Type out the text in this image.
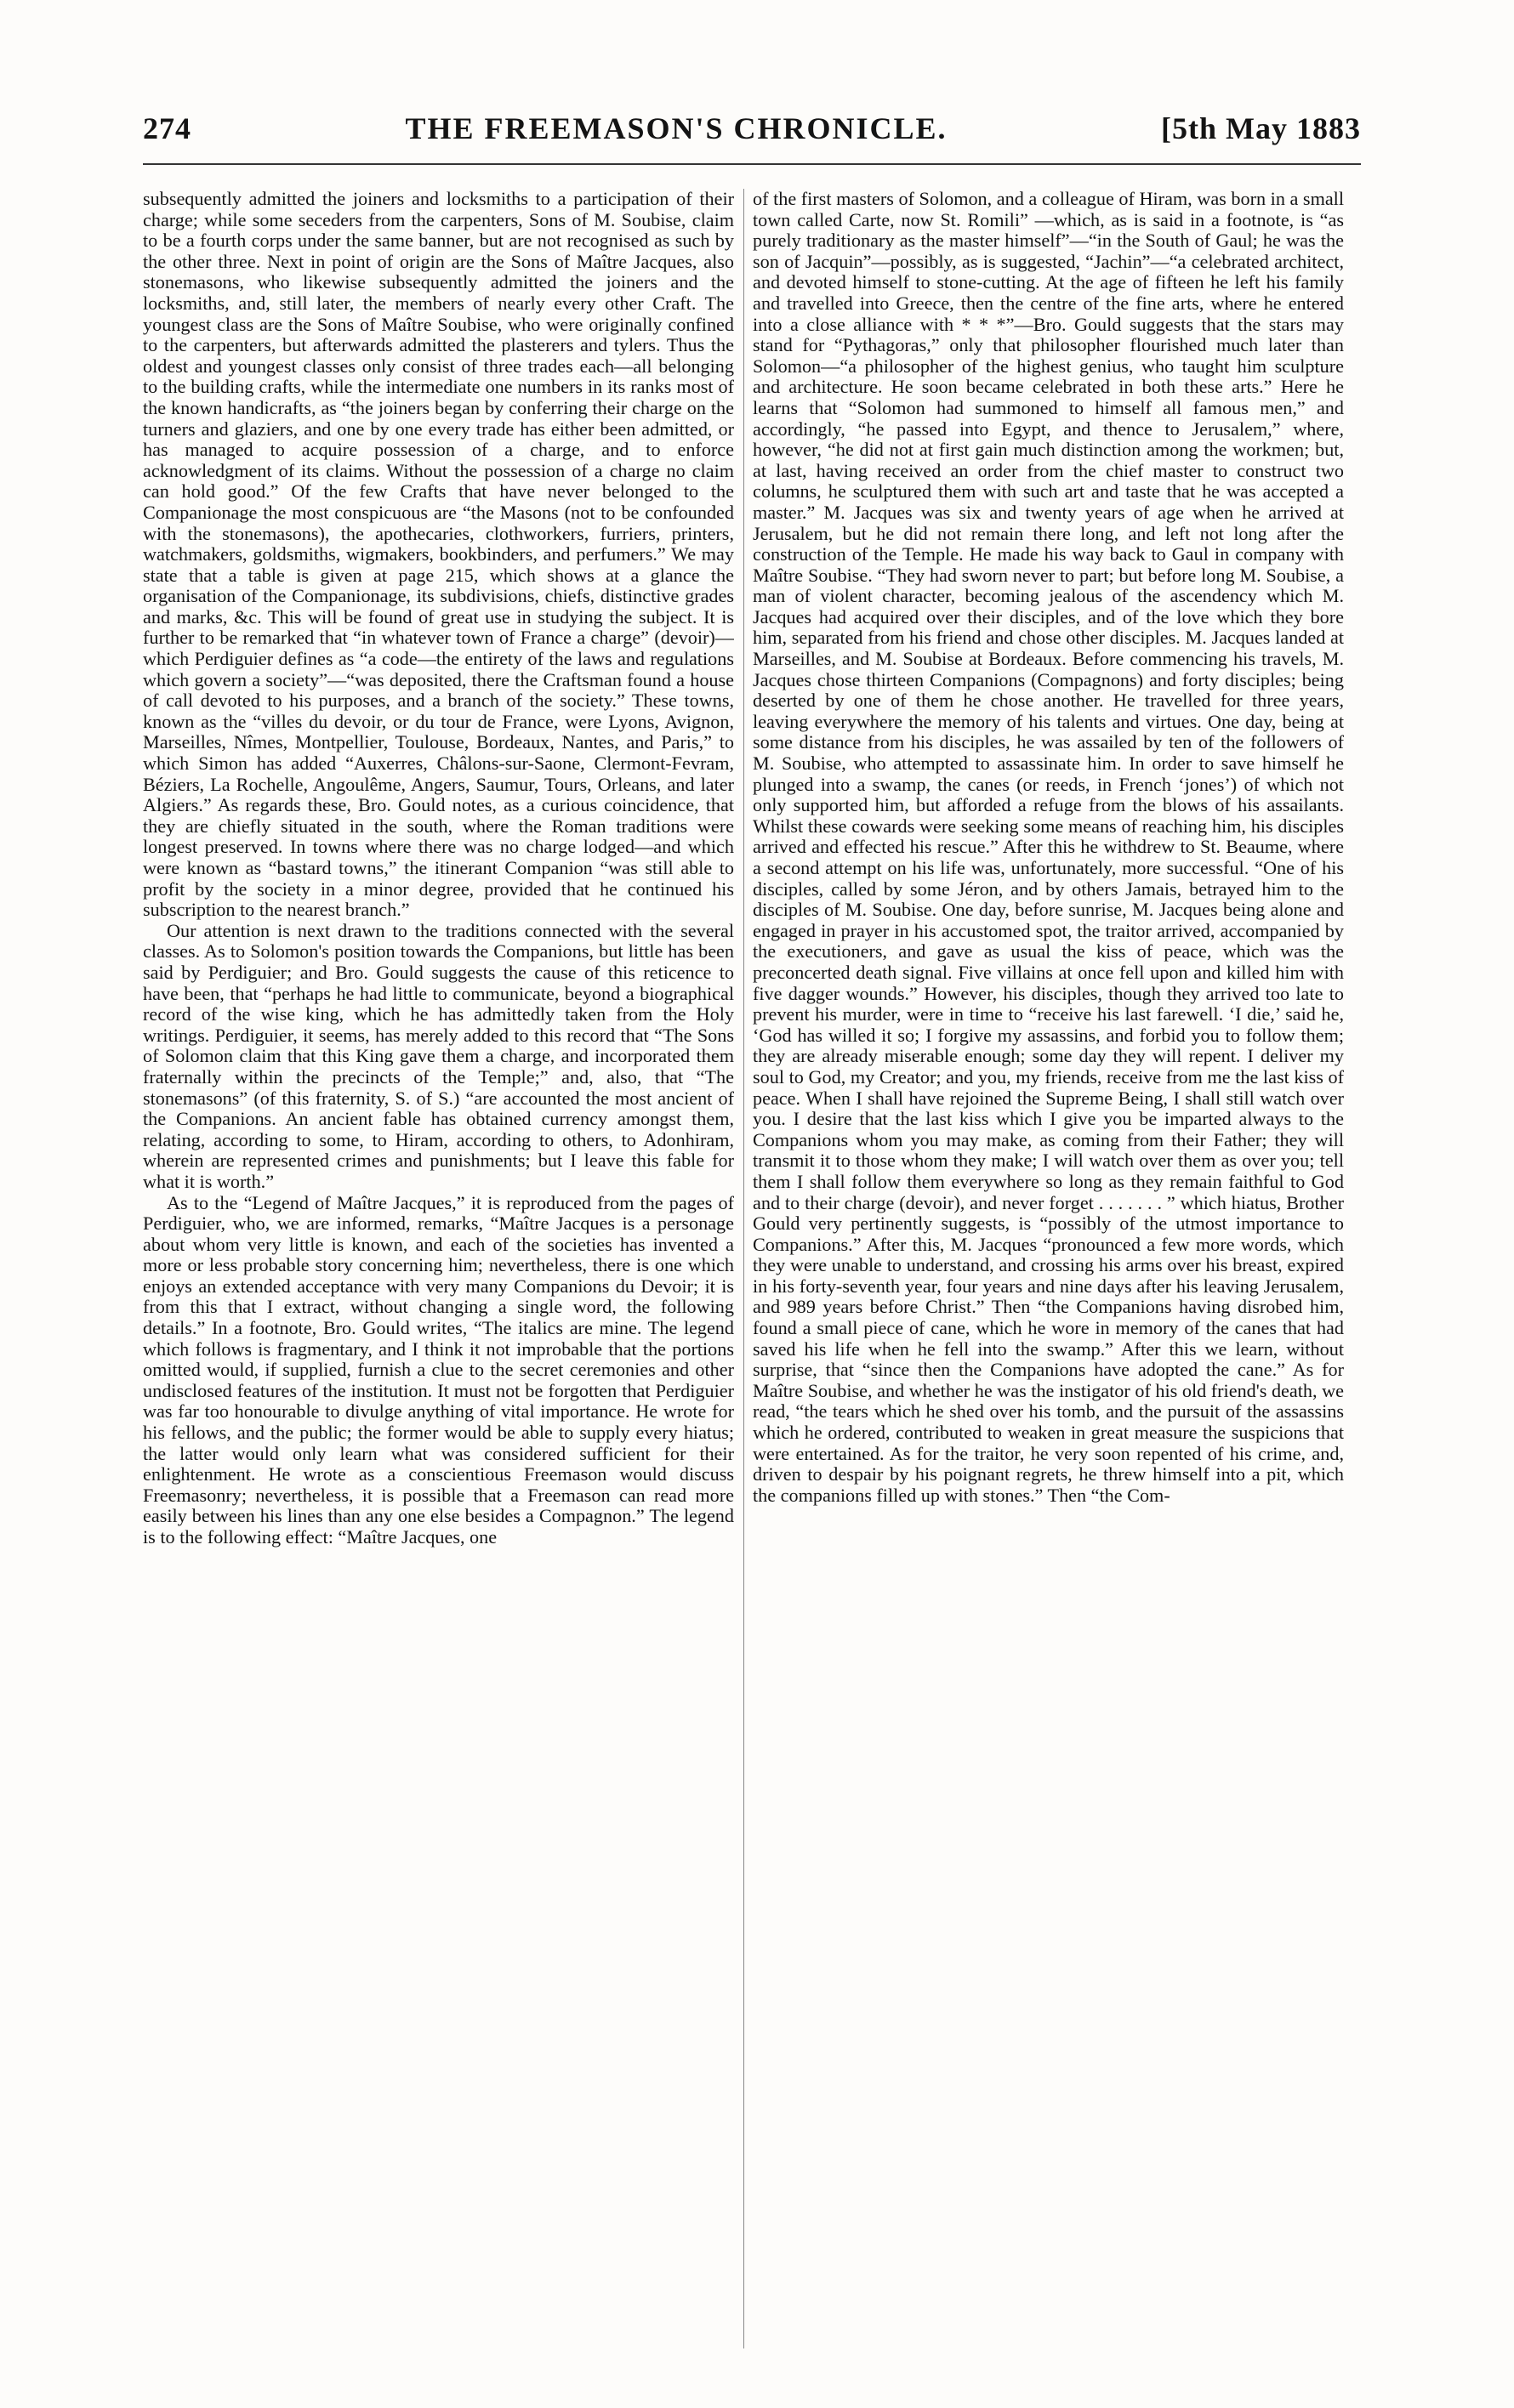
274	THE FREEMASON'S CHRONICLE.	[5th May 1883

subsequently admitted the joiners and locksmiths to a participation of their charge; while some seceders from the carpenters, Sons of M. Soubise, claim to be a fourth corps under the same banner, but are not recognised as such by the other three. Next in point of origin are the Sons of Maître Jacques, also stonemasons, who likewise subsequently admitted the joiners and the locksmiths, and, still later, the members of nearly every other Craft. The youngest class are the Sons of Maître Soubise, who were originally confined to the carpenters, but afterwards admitted the plasterers and tylers. Thus the oldest and youngest classes only consist of three trades each—all belonging to the building crafts, while the intermediate one numbers in its ranks most of the known handicrafts, as “the joiners began by conferring their charge on the turners and glaziers, and one by one every trade has either been admitted, or has managed to acquire possession of a charge, and to enforce acknowledgment of its claims. Without the possession of a charge no claim can hold good.” Of the few Crafts that have never belonged to the Companionage the most conspicuous are “the Masons (not to be confounded with the stonemasons), the apothecaries, clothworkers, furriers, printers, watchmakers, goldsmiths, wigmakers, bookbinders, and perfumers.” We may state that a table is given at page 215, which shows at a glance the organisation of the Companionage, its subdivisions, chiefs, distinctive grades and marks, &c. This will be found of great use in studying the subject. It is further to be remarked that “in whatever town of France a charge” (devoir)—which Perdiguier defines as “a code—the entirety of the laws and regulations which govern a society”—“was deposited, there the Craftsman found a house of call devoted to his purposes, and a branch of the society.” These towns, known as the “villes du devoir, or du tour de France, were Lyons, Avignon, Marseilles, Nîmes, Montpellier, Toulouse, Bordeaux, Nantes, and Paris,” to which Simon has added “Auxerres, Châlons-sur-Saone, Clermont-Fevram, Béziers, La Rochelle, Angoulême, Angers, Saumur, Tours, Orleans, and later Algiers.” As regards these, Bro. Gould notes, as a curious coincidence, that they are chiefly situated in the south, where the Roman traditions were longest preserved. In towns where there was no charge lodged—and which were known as “bastard towns,” the itinerant Companion “was still able to profit by the society in a minor degree, provided that he continued his subscription to the nearest branch.”

Our attention is next drawn to the traditions connected with the several classes. As to Solomon's position towards the Companions, but little has been said by Perdiguier; and Bro. Gould suggests the cause of this reticence to have been, that “perhaps he had little to communicate, beyond a biographical record of the wise king, which he has admittedly taken from the Holy writings. Perdiguier, it seems, has merely added to this record that “The Sons of Solomon claim that this King gave them a charge, and incorporated them fraternally within the precincts of the Temple;” and, also, that “The stonemasons” (of this fraternity, S. of S.) “are accounted the most ancient of the Companions. An ancient fable has obtained currency amongst them, relating, according to some, to Hiram, according to others, to Adonhiram, wherein are represented crimes and punishments; but I leave this fable for what it is worth.”

As to the “Legend of Maître Jacques,” it is reproduced from the pages of Perdiguier, who, we are informed, remarks, “Maître Jacques is a personage about whom very little is known, and each of the societies has invented a more or less probable story concerning him; nevertheless, there is one which enjoys an extended acceptance with very many Companions du Devoir; it is from this that I extract, without changing a single word, the following details.” In a footnote, Bro. Gould writes, “The italics are mine. The legend which follows is fragmentary, and I think it not improbable that the portions omitted would, if supplied, furnish a clue to the secret ceremonies and other undisclosed features of the institution. It must not be forgotten that Perdiguier was far too honourable to divulge anything of vital importance. He wrote for his fellows, and the public; the former would be able to supply every hiatus; the latter would only learn what was considered sufficient for their enlightenment. He wrote as a conscientious Freemason would discuss Freemasonry; nevertheless, it is possible that a Freemason can read more easily between his lines than any one else besides a Compagnon.” The legend is to the following effect: “Maître Jacques, one

of the first masters of Solomon, and a colleague of Hiram, was born in a small town called Carte, now St. Romili” —which, as is said in a footnote, is “as purely traditionary as the master himself”—“in the South of Gaul; he was the son of Jacquin”—possibly, as is suggested, “Jachin”—“a celebrated architect, and devoted himself to stone-cutting. At the age of fifteen he left his family and travelled into Greece, then the centre of the fine arts, where he entered into a close alliance with * * *”—Bro. Gould suggests that the stars may stand for “Pythagoras,” only that philosopher flourished much later than Solomon—“a philosopher of the highest genius, who taught him sculpture and architecture. He soon became celebrated in both these arts.” Here he learns that “Solomon had summoned to himself all famous men,” and accordingly, “he passed into Egypt, and thence to Jerusalem,” where, however, “he did not at first gain much distinction among the workmen; but, at last, having received an order from the chief master to construct two columns, he sculptured them with such art and taste that he was accepted a master.” M. Jacques was six and twenty years of age when he arrived at Jerusalem, but he did not remain there long, and left not long after the construction of the Temple. He made his way back to Gaul in company with Maître Soubise. “They had sworn never to part; but before long M. Soubise, a man of violent character, becoming jealous of the ascendency which M. Jacques had acquired over their disciples, and of the love which they bore him, separated from his friend and chose other disciples. M. Jacques landed at Marseilles, and M. Soubise at Bordeaux. Before commencing his travels, M. Jacques chose thirteen Companions (Compagnons) and forty disciples; being deserted by one of them he chose another. He travelled for three years, leaving everywhere the memory of his talents and virtues. One day, being at some distance from his disciples, he was assailed by ten of the followers of M. Soubise, who attempted to assassinate him. In order to save himself he plunged into a swamp, the canes (or reeds, in French ‘jones’) of which not only supported him, but afforded a refuge from the blows of his assailants. Whilst these cowards were seeking some means of reaching him, his disciples arrived and effected his rescue.” After this he withdrew to St. Beaume, where a second attempt on his life was, unfortunately, more successful. “One of his disciples, called by some Jéron, and by others Jamais, betrayed him to the disciples of M. Soubise. One day, before sunrise, M. Jacques being alone and engaged in prayer in his accustomed spot, the traitor arrived, accompanied by the executioners, and gave as usual the kiss of peace, which was the preconcerted death signal. Five villains at once fell upon and killed him with five dagger wounds.” However, his disciples, though they arrived too late to prevent his murder, were in time to “receive his last farewell. ‘I die,’ said he, ‘God has willed it so; I forgive my assassins, and forbid you to follow them; they are already miserable enough; some day they will repent. I deliver my soul to God, my Creator; and you, my friends, receive from me the last kiss of peace. When I shall have rejoined the Supreme Being, I shall still watch over you. I desire that the last kiss which I give you be imparted always to the Companions whom you may make, as coming from their Father; they will transmit it to those whom they make; I will watch over them as over you; tell them I shall follow them everywhere so long as they remain faithful to God and to their charge (devoir), and never forget . . . . . . . ” which hiatus, Brother Gould very pertinently suggests, is “possibly of the utmost importance to Companions.” After this, M. Jacques “pronounced a few more words, which they were unable to understand, and crossing his arms over his breast, expired in his forty-seventh year, four years and nine days after his leaving Jerusalem, and 989 years before Christ.” Then “the Companions having disrobed him, found a small piece of cane, which he wore in memory of the canes that had saved his life when he fell into the swamp.” After this we learn, without surprise, that “since then the Companions have adopted the cane.” As for Maître Soubise, and whether he was the instigator of his old friend's death, we read, “the tears which he shed over his tomb, and the pursuit of the assassins which he ordered, contributed to weaken in great measure the suspicions that were entertained. As for the traitor, he very soon repented of his crime, and, driven to despair by his poignant regrets, he threw himself into a pit, which the companions filled up with stones.” Then “the Com-
